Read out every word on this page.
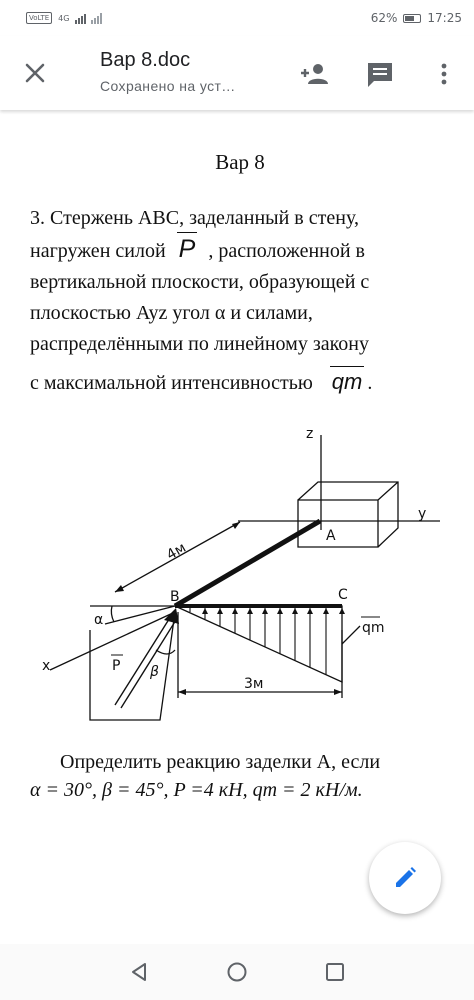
VoLTE	4G	62%	17:25
Вар 8.doc
Сохранено на уст…

Вар 8

3. Стержень ABC, заделанный в стену,
нагружен силой P , расположенной в
вертикальной плоскости, образующей с
плоскостью Ayz угол α и силами,
распределёнными по линейному закону
с максимальной интенсивностью qm .
z
y
x
A
B	C
4м
3м
α
β
P
qm
Определить реакцию заделки A, если
α = 30°, β = 45°, P =4 кН, qm = 2 кН/м.
